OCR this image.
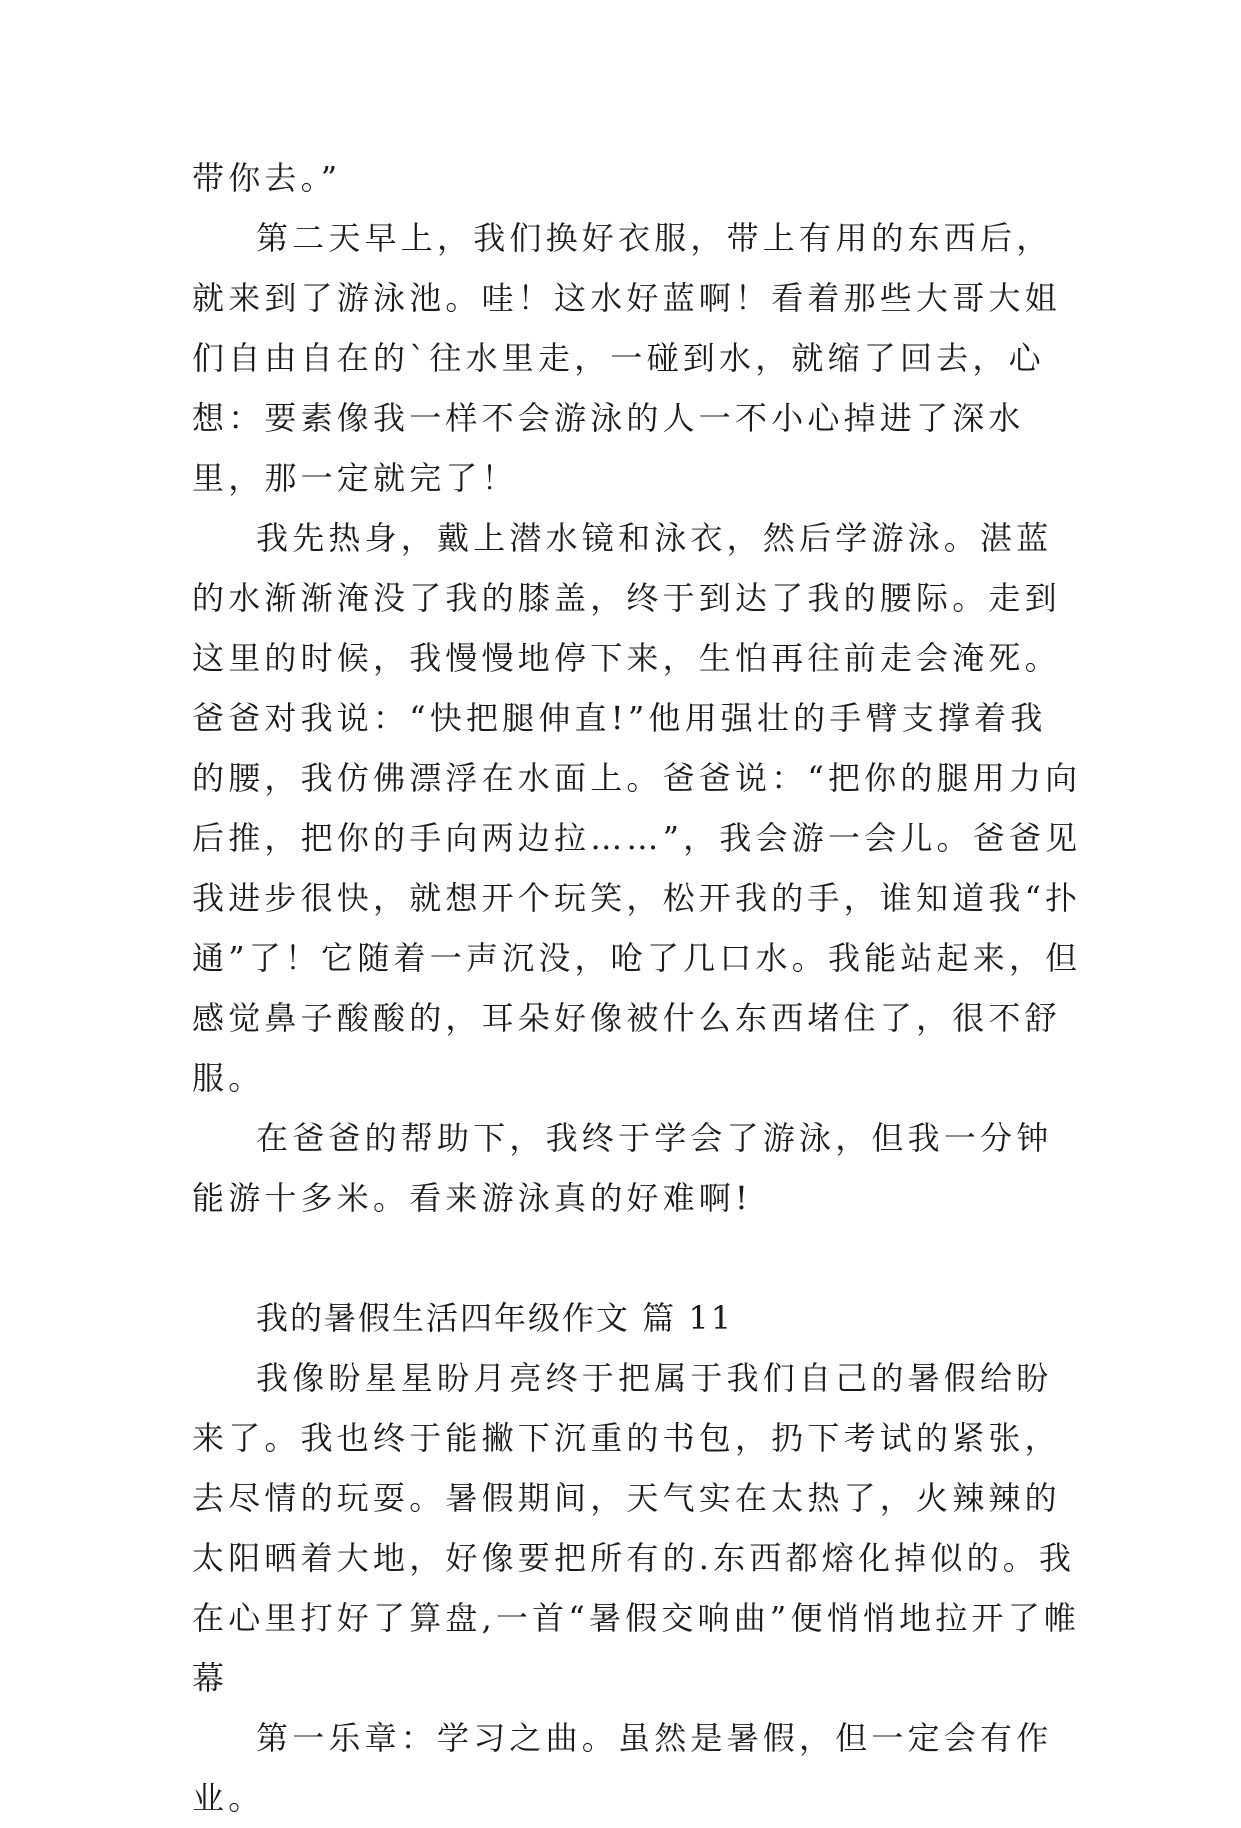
带你去。”

第二天早上，我们换好衣服，带上有用的东西后，就来到了游泳池。哇！这水好蓝啊！看着那些大哥大姐们自由自在的`往水里走，一碰到水，就缩了回去，心想：要素像我一样不会游泳的人一不小心掉进了深水里，那一定就完了！

我先热身，戴上潜水镜和泳衣，然后学游泳。湛蓝的水渐渐淹没了我的膝盖，终于到达了我的腰际。走到这里的时候，我慢慢地停下来，生怕再往前走会淹死。爸爸对我说：“快把腿伸直!”他用强壮的手臂支撑着我的腰，我仿佛漂浮在水面上。爸爸说：“把你的腿用力向后推，把你的手向两边拉……”，我会游一会儿。爸爸见我进步很快，就想开个玩笑，松开我的手，谁知道我“扑通”了！它随着一声沉没，呛了几口水。我能站起来，但感觉鼻子酸酸的，耳朵好像被什么东西堵住了，很不舒服。

在爸爸的帮助下，我终于学会了游泳，但我一分钟能游十多米。看来游泳真的好难啊!

我的暑假生活四年级作文 篇 11

我像盼星星盼月亮终于把属于我们自己的暑假给盼来了。我也终于能撇下沉重的书包，扔下考试的紧张，去尽情的玩耍。暑假期间，天气实在太热了，火辣辣的太阳晒着大地，好像要把所有的.东西都熔化掉似的。我在心里打好了算盘,一首“暑假交响曲”便悄悄地拉开了帷幕

第一乐章：学习之曲。虽然是暑假，但一定会有作业。
